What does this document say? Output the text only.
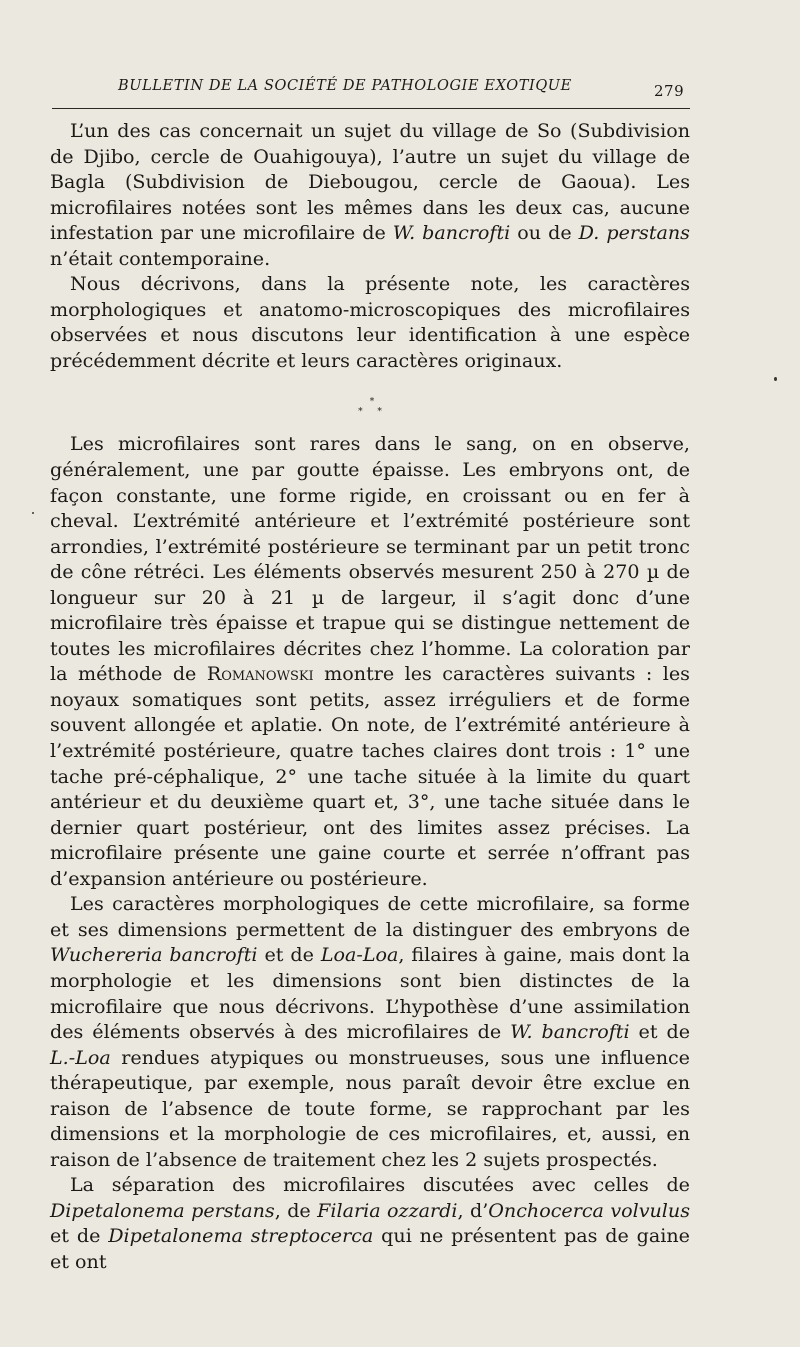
BULLETIN DE LA SOCIÉTÉ DE PATHOLOGIE EXOTIQUE	279

L’un des cas concernait un sujet du village de So (Subdivision de Djibo, cercle de Ouahigouya), l’autre un sujet du village de Bagla (Subdivision de Diebougou, cercle de Gaoua). Les microfilaires notées sont les mêmes dans les deux cas, aucune infestation par une microfilaire de W. bancrofti ou de D. perstans n’était contemporaine.

Nous décrivons, dans la présente note, les caractères morphologiques et anatomo-microscopiques des microfilaires observées et nous discutons leur identification à une espèce précédemment décrite et leurs caractères originaux.

*
* *

Les microfilaires sont rares dans le sang, on en observe, généralement, une par goutte épaisse. Les embryons ont, de façon constante, une forme rigide, en croissant ou en fer à cheval. L’extrémité antérieure et l’extrémité postérieure sont arrondies, l’extrémité postérieure se terminant par un petit tronc de cône rétréci. Les éléments observés mesurent 250 à 270 µ de longueur sur 20 à 21 µ de largeur, il s’agit donc d’une microfilaire très épaisse et trapue qui se distingue nettement de toutes les microfilaires décrites chez l’homme. La coloration par la méthode de Romanowski montre les caractères suivants : les noyaux somatiques sont petits, assez irréguliers et de forme souvent allongée et aplatie. On note, de l’extrémité antérieure à l’extrémité postérieure, quatre taches claires dont trois : 1° une tache pré-céphalique, 2° une tache située à la limite du quart antérieur et du deuxième quart et, 3°, une tache située dans le dernier quart postérieur, ont des limites assez précises. La microfilaire présente une gaine courte et serrée n’offrant pas d’expansion antérieure ou postérieure.

Les caractères morphologiques de cette microfilaire, sa forme et ses dimensions permettent de la distinguer des embryons de Wuchereria bancrofti et de Loa-Loa, filaires à gaine, mais dont la morphologie et les dimensions sont bien distinctes de la microfilaire que nous décrivons. L’hypothèse d’une assimilation des éléments observés à des microfilaires de W. bancrofti et de L.-Loa rendues atypiques ou monstrueuses, sous une influence thérapeutique, par exemple, nous paraît devoir être exclue en raison de l’absence de toute forme, se rapprochant par les dimensions et la morphologie de ces microfilaires, et, aussi, en raison de l’absence de traitement chez les 2 sujets prospectés.

La séparation des microfilaires discutées avec celles de Dipetalonema perstans, de Filaria ozzardi, d’Onchocerca volvulus et de Dipetalonema streptocerca qui ne présentent pas de gaine et ont
